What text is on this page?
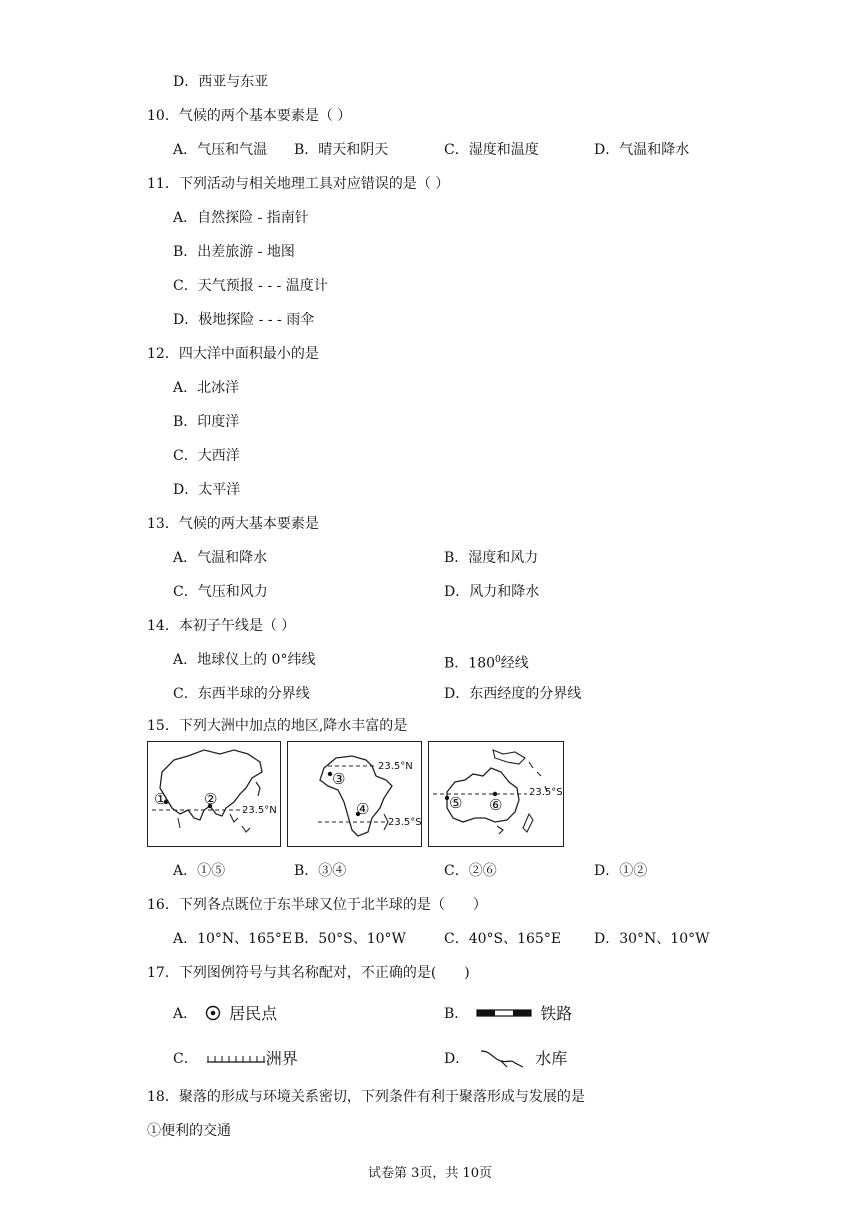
D．西亚与东亚
10．气候的两个基本要素是（ ）
A．气压和气温 B．晴天和阴天	C．湿度和温度	D．气温和降水
11．下列活动与相关地理工具对应错误的是（ ）
A．自然探险 - 指南针
B．出差旅游 - 地图
C．天气预报 - - - 温度计
D．极地探险 - - - 雨伞
12．四大洋中面积最小的是
A．北冰洋
B．印度洋
C．大西洋
D．太平洋
13．气候的两大基本要素是
A．气温和降水	B．湿度和风力
C．气压和风力	D．风力和降水
14．本初子午线是（ ）
A．地球仪上的 0°纬线	B．$180^0$经线
C．东西半球的分界线	D．东西经度的分界线
15．下列大洲中加点的地区,降水丰富的是
① ②
23.5°N
③
④
23.5°N
23.5°S
⑤ ⑥
23.5°S
A．①⑤	B．③④	C．②⑥	D．①②
16．下列各点既位于东半球又位于北半球的是（　　）
A．10°N、165°E B．50°S、10°W	C．40°S、165°E D．30°N、10°W
17．下列图例符号与其名称配对，不正确的是(　　)
A． 居民点	B．	铁路
C．	洲界	D．	水库
18．聚落的形成与环境关系密切，下列条件有利于聚落形成与发展的是
①便利的交通
试卷第 3页，共 10页
